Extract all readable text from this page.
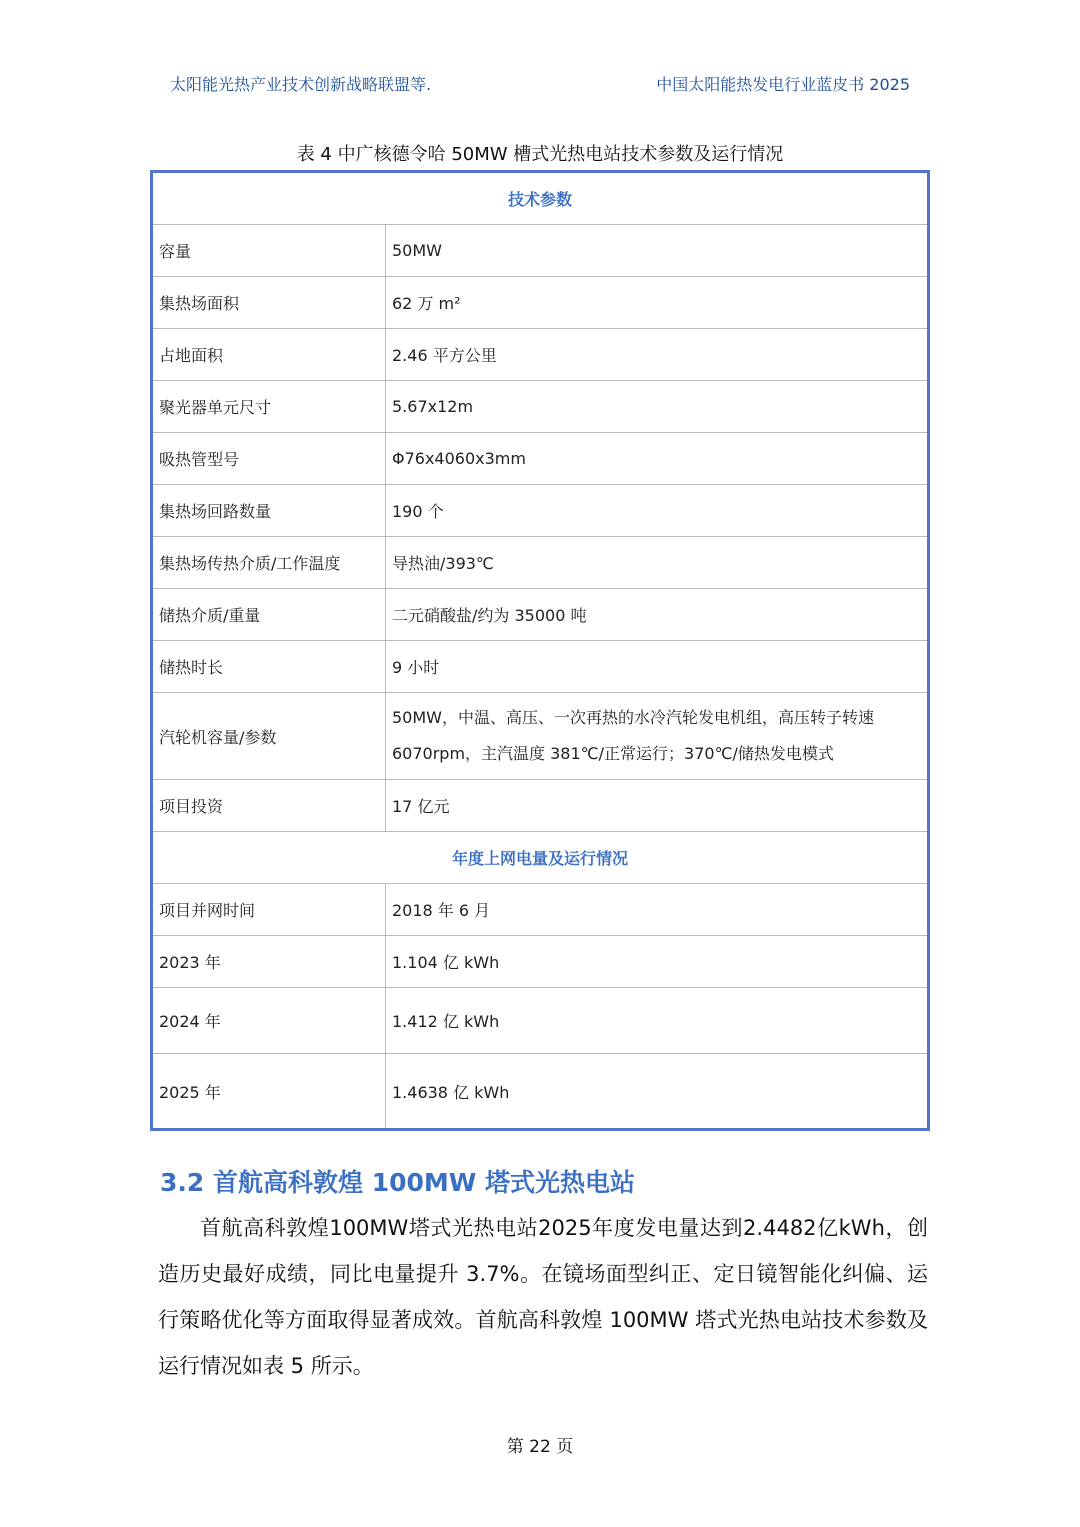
太阳能光热产业技术创新战略联盟等.	中国太阳能热发电行业蓝皮书 2025
表 4 中广核德令哈 50MW 槽式光热电站技术参数及运行情况
技术参数	
容量	50MW
集热场面积	62 万 m²
占地面积	2.46 平方公里
聚光器单元尺寸	5.67x12m
吸热管型号	Φ76x4060x3mm
集热场回路数量	190 个
集热场传热介质/工作温度	导热油/393℃
储热介质/重量	二元硝酸盐/约为 35000 吨
储热时长	9 小时
汽轮机容量/参数	50MW，中温、高压、一次再热的水冷汽轮发电机组，高压转子转速 6070rpm，主汽温度 381℃/正常运行；370℃/储热发电模式
项目投资	17 亿元
年度上网电量及运行情况	
项目并网时间	2018 年 6 月
2023 年	1.104 亿 kWh
2024 年	1.412 亿 kWh
2025 年	1.4638 亿 kWh
3.2 首航高科敦煌 100MW 塔式光热电站
首航高科敦煌100MW塔式光热电站2025年度发电量达到2.4482亿kWh，创造历史最好成绩，同比电量提升 3.7%。在镜场面型纠正、定日镜智能化纠偏、运行策略优化等方面取得显著成效。首航高科敦煌 100MW 塔式光热电站技术参数及运行情况如表 5 所示。
第 22 页
